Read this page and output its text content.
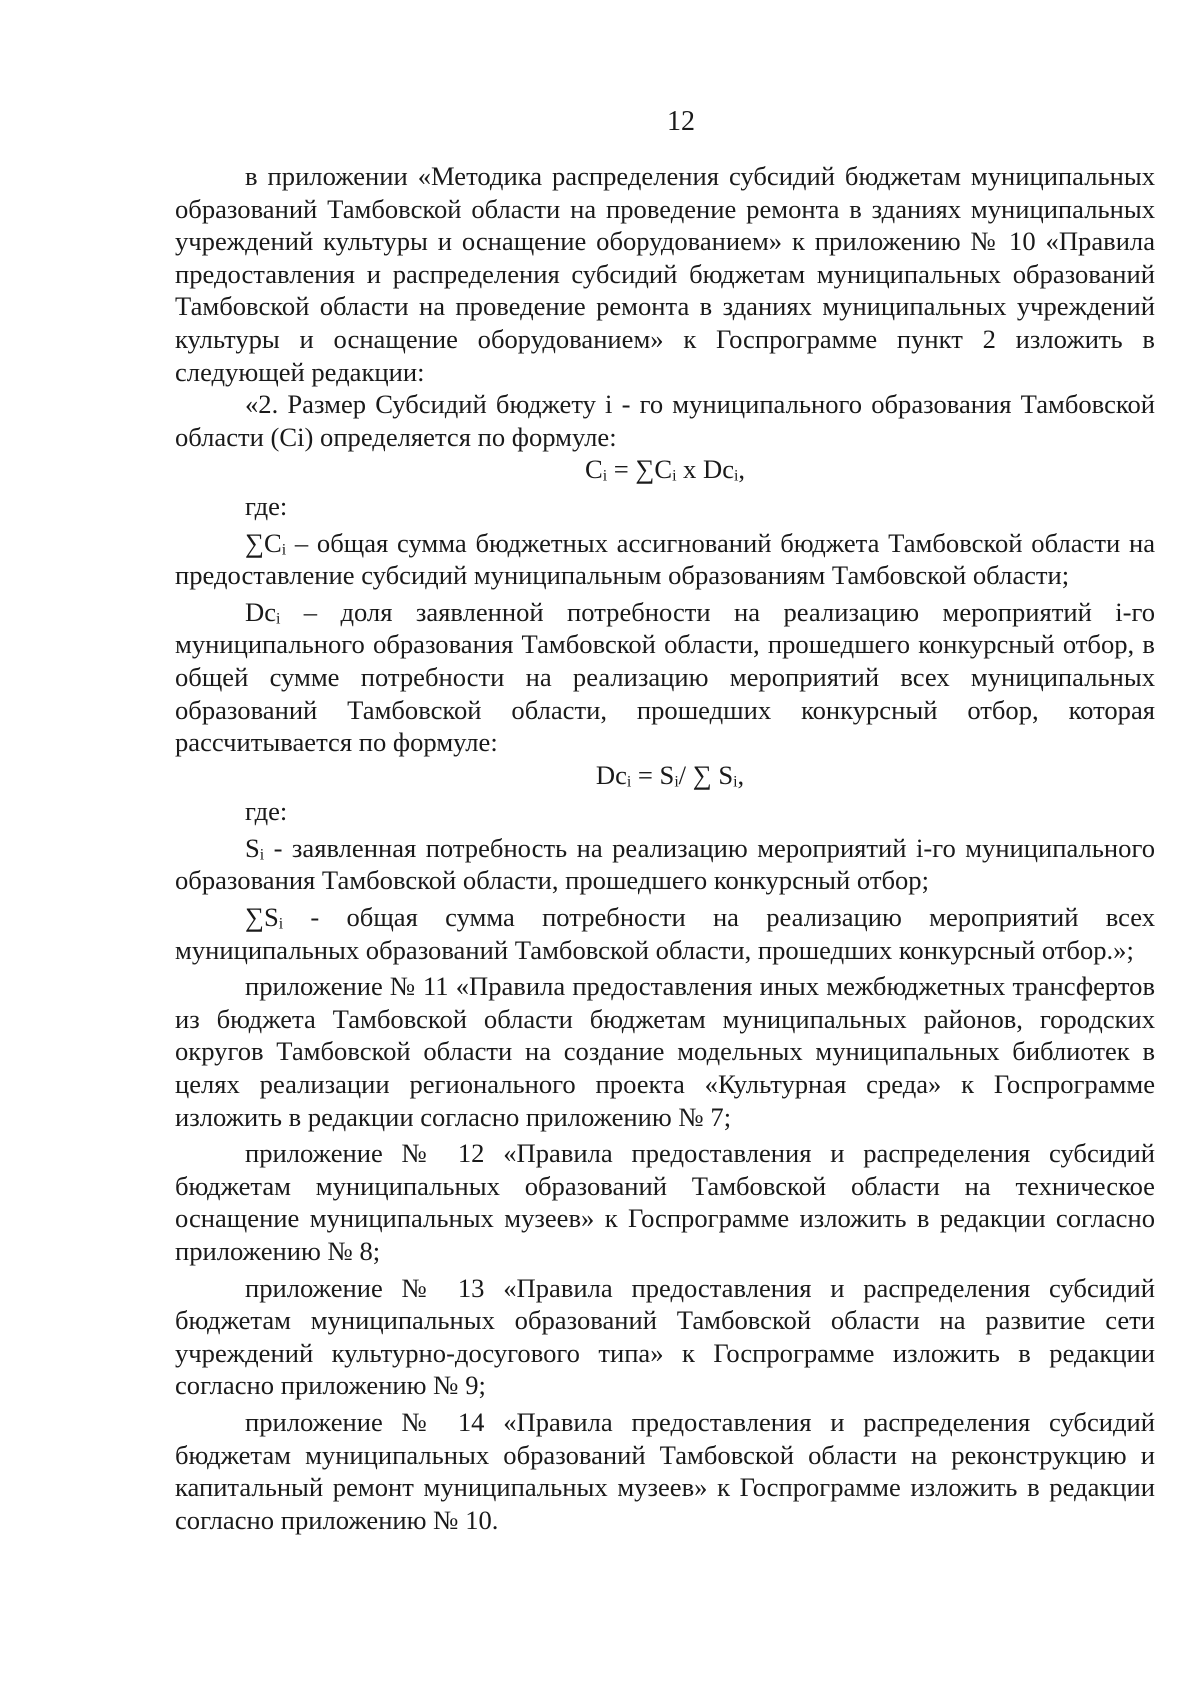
12

в приложении «Методика распределения субсидий бюджетам муниципальных образований Тамбовской области на проведение ремонта в зданиях муниципальных учреждений культуры и оснащение оборудованием» к приложению № 10 «Правила предоставления и распределения субсидий бюджетам муниципальных образований Тамбовской области на проведение ремонта в зданиях муниципальных учреждений культуры и оснащение оборудованием» к Госпрограмме пункт 2 изложить в следующей редакции:

«2. Размер Субсидий бюджету i - го муниципального образования Тамбовской области (Ci) определяется по формуле:

Cᵢ = ∑Cᵢ x Dcᵢ,

где:

∑Cᵢ – общая сумма бюджетных ассигнований бюджета Тамбовской области на предоставление субсидий муниципальным образованиям Тамбовской области;

Dcᵢ – доля заявленной потребности на реализацию мероприятий i-го муниципального образования Тамбовской области, прошедшего конкурсный отбор, в общей сумме потребности на реализацию мероприятий всех муниципальных образований Тамбовской области, прошедших конкурсный отбор, которая рассчитывается по формуле:

Dcᵢ = Sᵢ/ ∑ Sᵢ,

где:

Sᵢ - заявленная потребность на реализацию мероприятий i-го муниципального образования Тамбовской области, прошедшего конкурсный отбор;

∑Sᵢ - общая сумма потребности на реализацию мероприятий всех муниципальных образований Тамбовской области, прошедших конкурсный отбор.»;

приложение № 11 «Правила предоставления иных межбюджетных трансфертов из бюджета Тамбовской области бюджетам муниципальных районов, городских округов Тамбовской области на создание модельных муниципальных библиотек в целях реализации регионального проекта «Культурная среда» к Госпрограмме изложить в редакции согласно приложению № 7;

приложение № 12 «Правила предоставления и распределения субсидий бюджетам муниципальных образований Тамбовской области на техническое оснащение муниципальных музеев» к Госпрограмме изложить в редакции согласно приложению № 8;

приложение № 13 «Правила предоставления и распределения субсидий бюджетам муниципальных образований Тамбовской области на развитие сети учреждений культурно-досугового типа» к Госпрограмме изложить в редакции согласно приложению № 9;

приложение № 14 «Правила предоставления и распределения субсидий бюджетам муниципальных образований Тамбовской области на реконструкцию и капитальный ремонт муниципальных музеев» к Госпрограмме изложить в редакции согласно приложению № 10.
